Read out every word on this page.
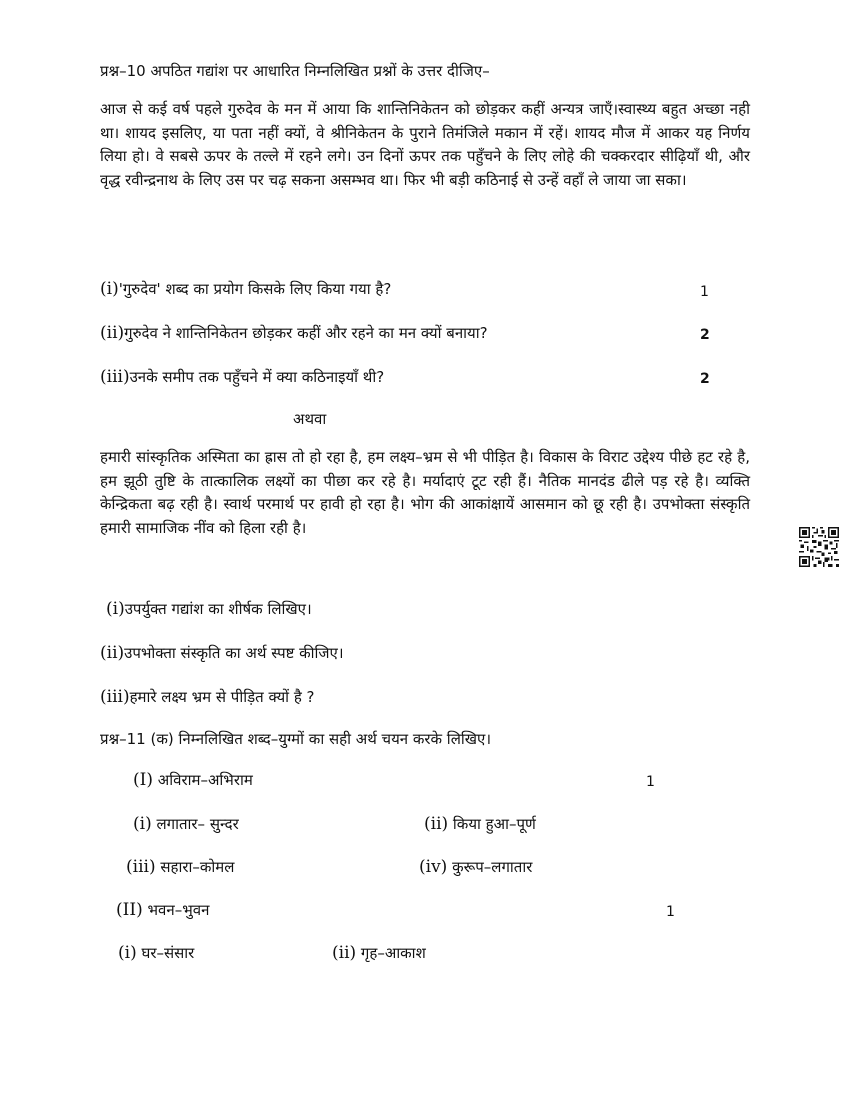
प्रश्न–10 अपठित गद्यांश पर आधारित निम्नलिखित प्रश्नों के उत्तर दीजिए–

आज से कई वर्ष पहले गुरुदेव के मन में आया कि शान्तिनिकेतन को छोड़कर कहीं अन्यत्र जाएँ।स्वास्थ्य बहुत अच्छा नही था। शायद इसलिए, या पता नहीं क्यों, वे श्रीनिकेतन के पुराने तिमंजिले मकान में रहें। शायद मौज में आकर यह निर्णय लिया हो। वे सबसे ऊपर के तल्ले में रहने लगे। उन दिनों ऊपर तक पहुँचने के लिए लोहे की चक्करदार सीढ़ियाँ थी, और वृद्ध रवीन्द्रनाथ के लिए उस पर चढ़ सकना असम्भव था। फिर भी बड़ी कठिनाई से उन्हें वहाँ ले जाया जा सका।

(i)'गुरुदेव' शब्द का प्रयोग किसके लिए किया गया है?	1
(ii)गुरुदेव ने शान्तिनिकेतन छोड़कर कहीं और रहने का मन क्यों बनाया?	2
(iii)उनके समीप तक पहुँचने में क्या कठिनाइयाँ थी?	2
अथवा

हमारी सांस्कृतिक अस्मिता का ह्रास तो हो रहा है, हम लक्ष्य–भ्रम से भी पीड़ित है। विकास के विराट उद्देश्य पीछे हट रहे है, हम झूठी तुष्टि के तात्कालिक लक्ष्यों का पीछा कर रहे है। मर्यादाएं टूट रही हैं। नैतिक मानदंड ढीले पड़ रहे है। व्यक्ति केन्द्रिकता बढ़ रही है। स्वार्थ परमार्थ पर हावी हो रहा है। भोग की आकांक्षायें आसमान को छू रही है। उपभोक्ता संस्कृति हमारी सामाजिक नींव को हिला रही है।

(i)उपर्युक्त गद्यांश का शीर्षक लिखिए।
(ii)उपभोक्ता संस्कृति का अर्थ स्पष्ट कीजिए।
(iii)हमारे लक्ष्य भ्रम से पीड़ित क्यों है ?
प्रश्न–11 (क) निम्नलिखित शब्द–युग्मों का सही अर्थ चयन करके लिखिए।
(I) अविराम–अभिराम	1
(i) लगातार– सुन्दर	(ii) किया हुआ–पूर्ण
(iii) सहारा–कोमल	(iv) कुरूप–लगातार
(II) भवन–भुवन	1
(i) घर–संसार	(ii) गृह–आकाश
